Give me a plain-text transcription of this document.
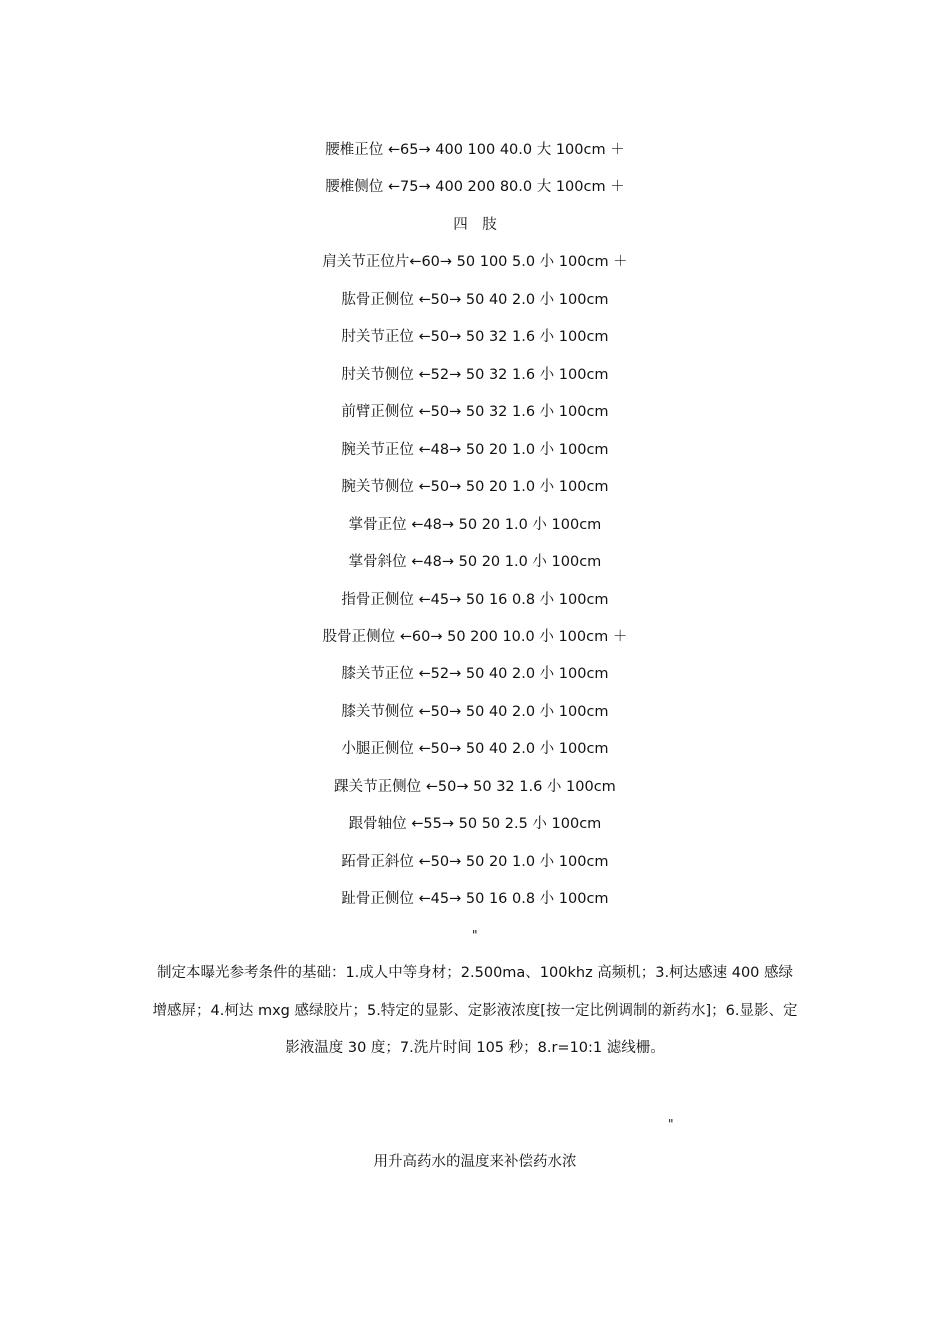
腰椎正位 ←65→ 400 100 40.0 大 100cm ＋
腰椎侧位 ←75→ 400 200 80.0 大 100cm ＋
四　肢
肩关节正位片←60→ 50 100 5.0 小 100cm ＋
肱骨正侧位 ←50→ 50 40 2.0 小 100cm
肘关节正位 ←50→ 50 32 1.6 小 100cm
肘关节侧位 ←52→ 50 32 1.6 小 100cm
前臂正侧位 ←50→ 50 32 1.6 小 100cm
腕关节正位 ←48→ 50 20 1.0 小 100cm
腕关节侧位 ←50→ 50 20 1.0 小 100cm
掌骨正位 ←48→ 50 20 1.0 小 100cm
掌骨斜位 ←48→ 50 20 1.0 小 100cm
指骨正侧位 ←45→ 50 16 0.8 小 100cm
股骨正侧位 ←60→ 50 200 10.0 小 100cm ＋
膝关节正位 ←52→ 50 40 2.0 小 100cm
膝关节侧位 ←50→ 50 40 2.0 小 100cm
小腿正侧位 ←50→ 50 40 2.0 小 100cm
踝关节正侧位 ←50→ 50 32 1.6 小 100cm
跟骨轴位 ←55→ 50 50 2.5 小 100cm
跖骨正斜位 ←50→ 50 20 1.0 小 100cm
趾骨正侧位 ←45→ 50 16 0.8 小 100cm
"
制定本曝光参考条件的基础：1.成人中等身材；2.500ma、100khz 高频机；3.柯达感速 400 感绿增感屏；4.柯达 mxg 感绿胶片；5.特定的显影、定影液浓度[按一定比例调制的新药水]；6.显影、定影液温度 30 度；7.洗片时间 105 秒；8.r=10:1 滤线栅。
"
用升高药水的温度来补偿药水浓
